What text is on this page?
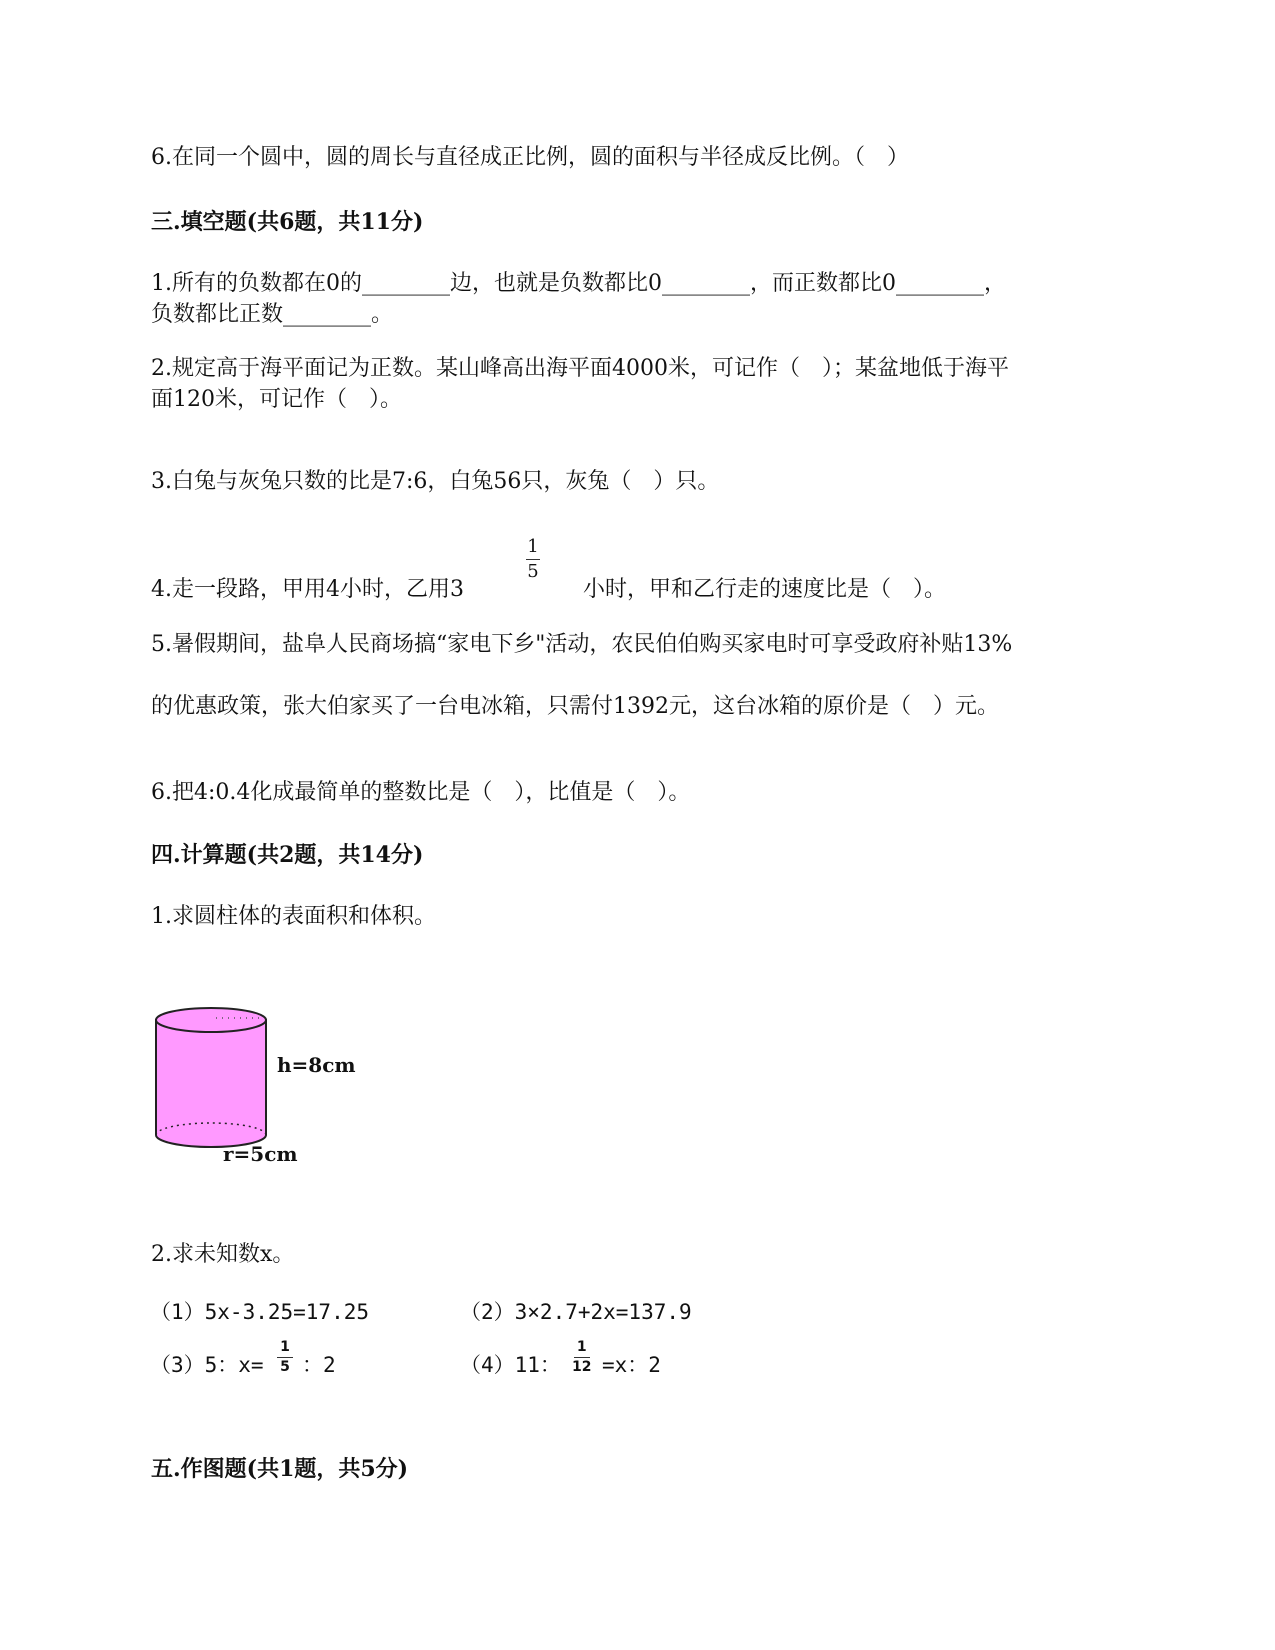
6.在同一个圆中，圆的周长与直径成正比例，圆的面积与半径成反比例。（　）
三.填空题(共6题，共11分)
1.所有的负数都在0的________边，也就是负数都比0________，而正数都比0________，
负数都比正数________。
2.规定高于海平面记为正数。某山峰高出海平面4000米，可记作（　）；某盆地低于海平
面120米，可记作（　）。
3.白兔与灰兔只数的比是7:6，白兔56只，灰兔（　）只。
4.走一段路，甲用4小时，乙用3
1
5
小时，甲和乙行走的速度比是（　）。
5.暑假期间，盐阜人民商场搞“家电下乡"活动，农民伯伯购买家电时可享受政府补贴13%
的优惠政策，张大伯家买了一台电冰箱，只需付1392元，这台冰箱的原价是（　）元。
6.把4:0.4化成最简单的整数比是（　），比值是（　）。
四.计算题(共2题，共14分)
1.求圆柱体的表面积和体积。
h=8cm
r=5cm
2.求未知数x。
（1）5x-3.25=17.25	（2）3×2.7+2x=137.9
（3）5：x=
1
5 ：2	（4）11：
1
12 =x：2
五.作图题(共1题，共5分)
